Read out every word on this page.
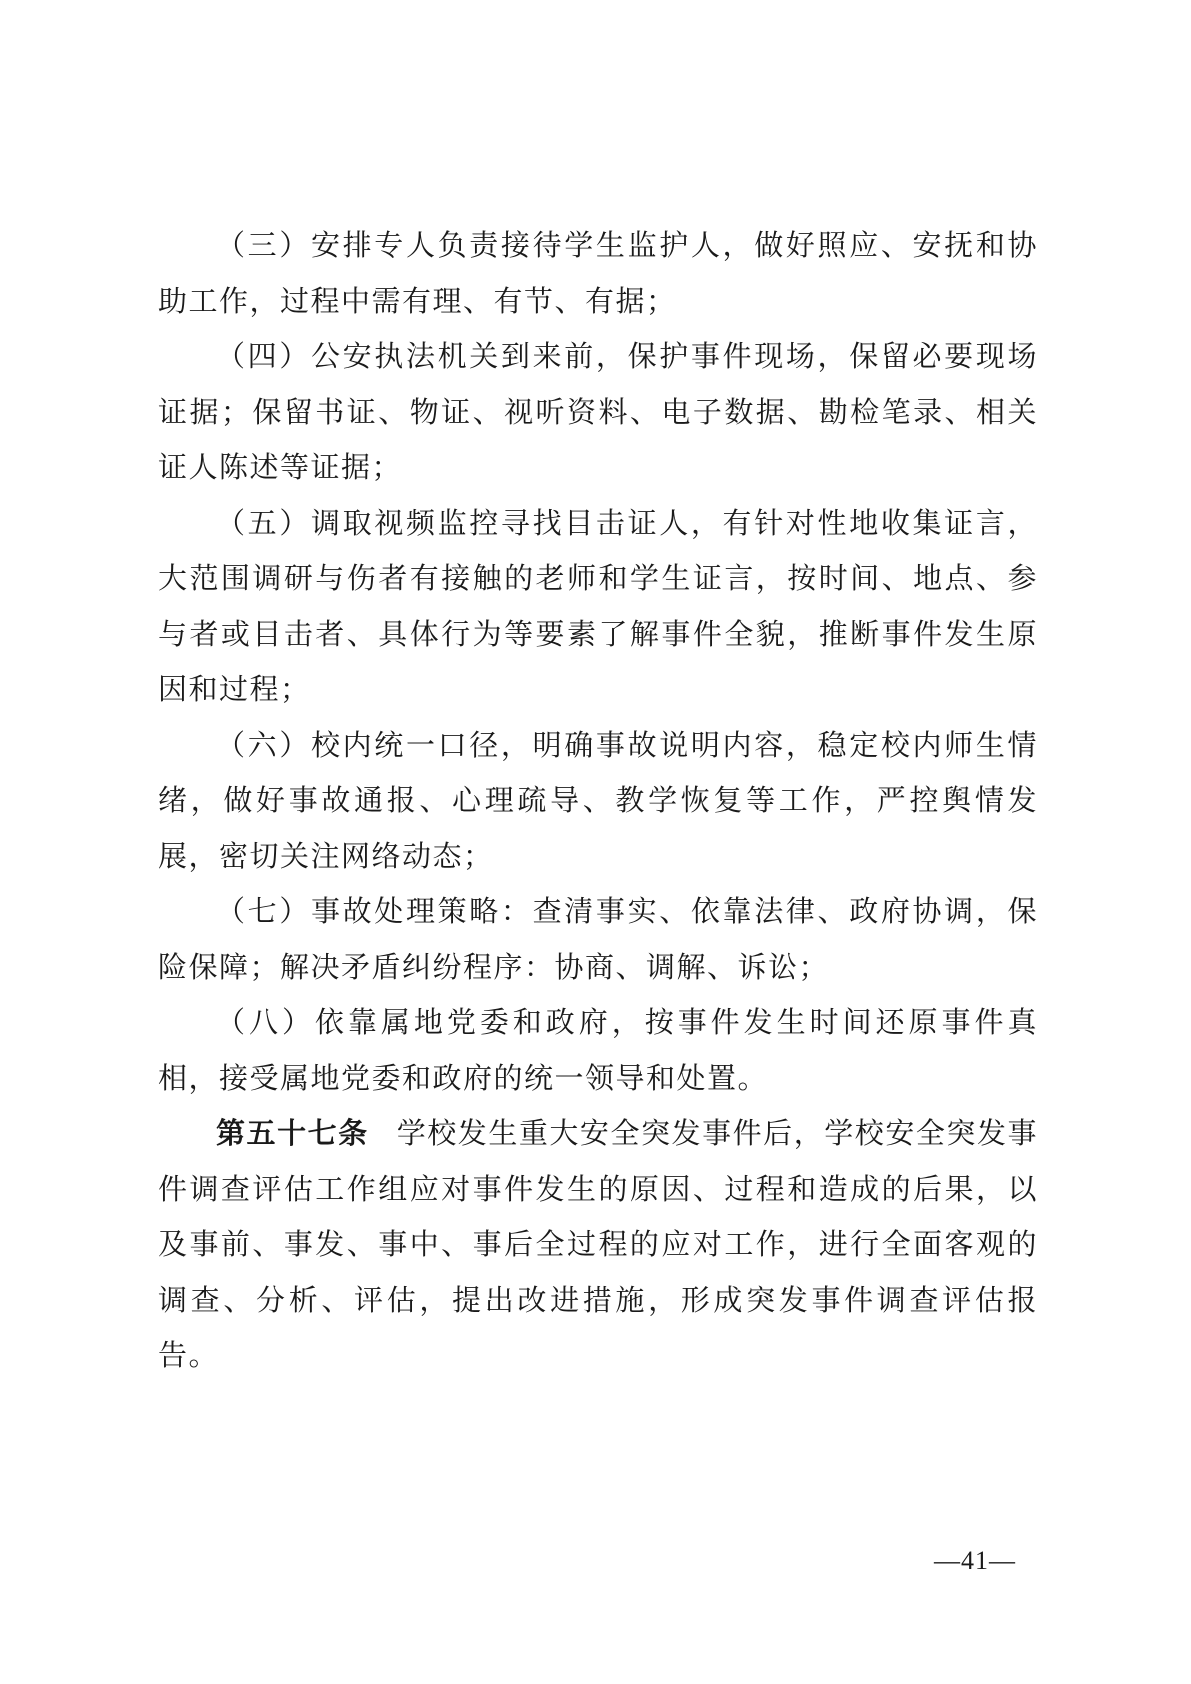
（三）安排专人负责接待学生监护人，做好照应、安抚和协助工作，过程中需有理、有节、有据；

（四）公安执法机关到来前，保护事件现场，保留必要现场证据；保留书证、物证、视听资料、电子数据、勘检笔录、相关证人陈述等证据；

（五）调取视频监控寻找目击证人，有针对性地收集证言，大范围调研与伤者有接触的老师和学生证言，按时间、地点、参与者或目击者、具体行为等要素了解事件全貌，推断事件发生原因和过程；

（六）校内统一口径，明确事故说明内容，稳定校内师生情绪，做好事故通报、心理疏导、教学恢复等工作，严控舆情发展，密切关注网络动态；

（七）事故处理策略：查清事实、依靠法律、政府协调，保险保障；解决矛盾纠纷程序：协商、调解、诉讼；

（八）依靠属地党委和政府，按事件发生时间还原事件真相，接受属地党委和政府的统一领导和处置。

第五十七条 学校发生重大安全突发事件后，学校安全突发事件调查评估工作组应对事件发生的原因、过程和造成的后果，以及事前、事发、事中、事后全过程的应对工作，进行全面客观的调查、分析、评估，提出改进措施，形成突发事件调查评估报告。

—41—
